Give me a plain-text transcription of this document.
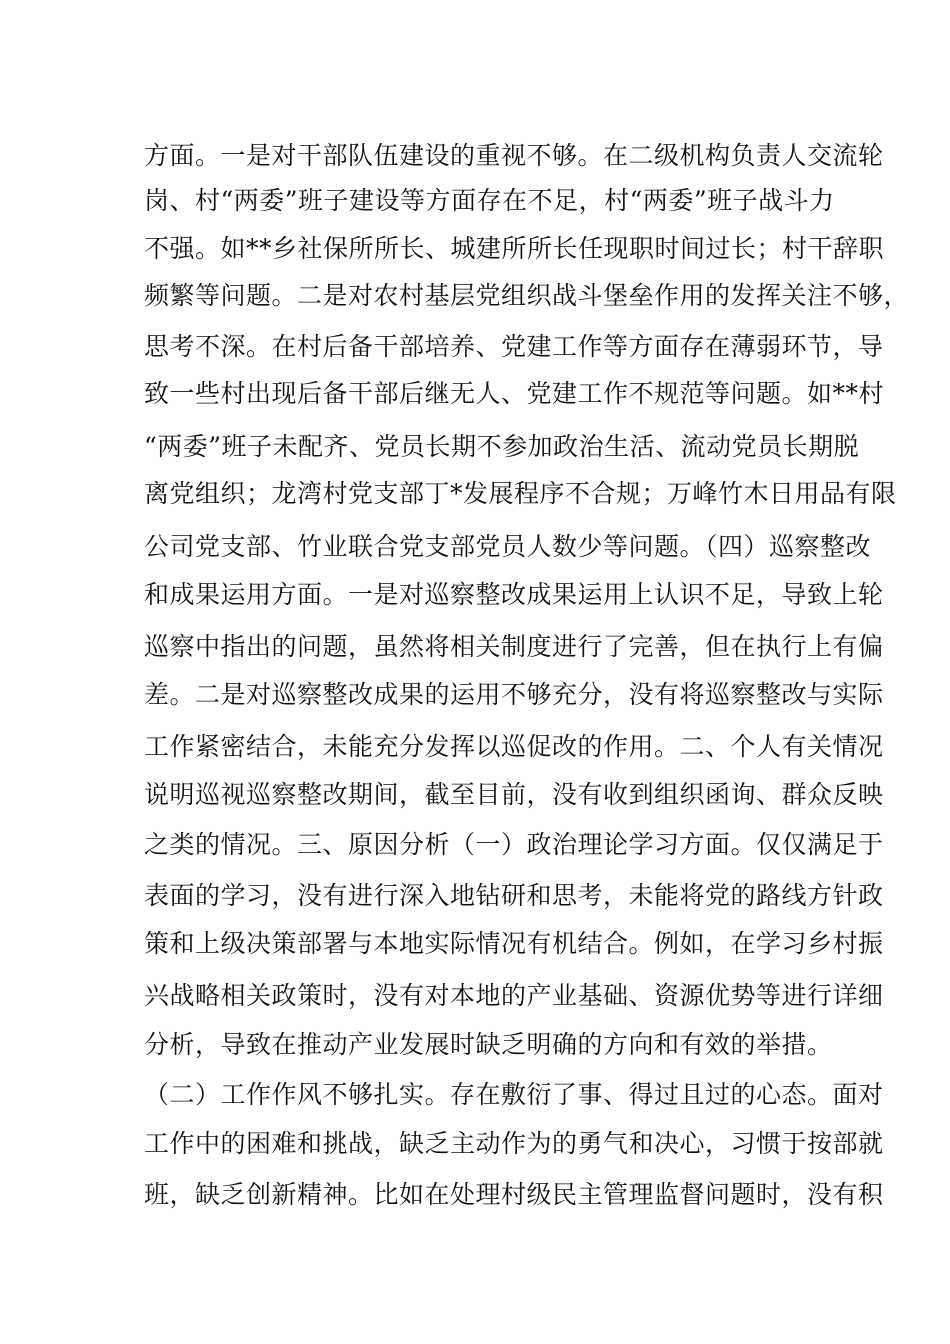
方面。一是对干部队伍建设的重视不够。在二级机构负责人交流轮
岗、村“两委”班子建设等方面存在不足，村“两委”班子战斗力
不强。如**乡社保所所长、城建所所长任现职时间过长；村干辞职
频繁等问题。二是对农村基层党组织战斗堡垒作用的发挥关注不够，
思考不深。在村后备干部培养、党建工作等方面存在薄弱环节，导
致一些村出现后备干部后继无人、党建工作不规范等问题。如**村
“两委”班子未配齐、党员长期不参加政治生活、流动党员长期脱
离党组织；龙湾村党支部丁*发展程序不合规；万峰竹木日用品有限
公司党支部、竹业联合党支部党员人数少等问题。（四）巡察整改
和成果运用方面。一是对巡察整改成果运用上认识不足，导致上轮
巡察中指出的问题，虽然将相关制度进行了完善，但在执行上有偏
差。二是对巡察整改成果的运用不够充分，没有将巡察整改与实际
工作紧密结合，未能充分发挥以巡促改的作用。二、个人有关情况
说明巡视巡察整改期间，截至目前，没有收到组织函询、群众反映
之类的情况。三、原因分析（一）政治理论学习方面。仅仅满足于
表面的学习，没有进行深入地钻研和思考，未能将党的路线方针政
策和上级决策部署与本地实际情况有机结合。例如，在学习乡村振
兴战略相关政策时，没有对本地的产业基础、资源优势等进行详细
分析，导致在推动产业发展时缺乏明确的方向和有效的举措。
（二）工作作风不够扎实。存在敷衍了事、得过且过的心态。面对
工作中的困难和挑战，缺乏主动作为的勇气和决心，习惯于按部就
班，缺乏创新精神。比如在处理村级民主管理监督问题时，没有积
